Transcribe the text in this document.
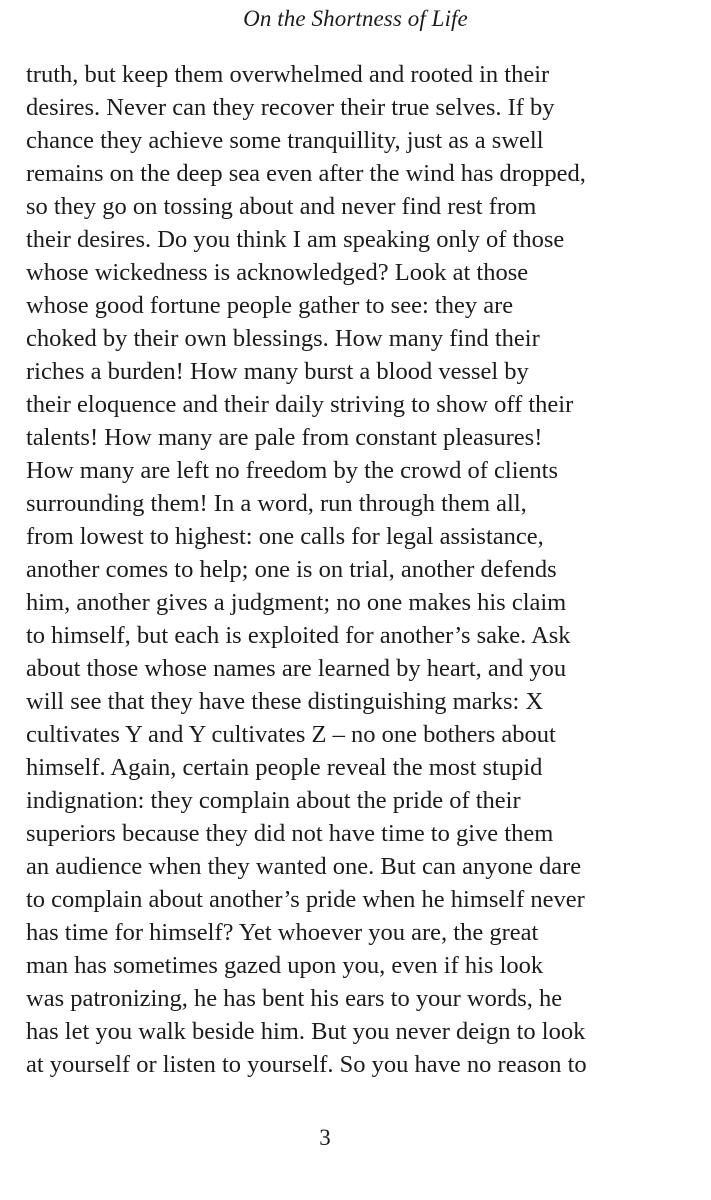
On the Shortness of Life
truth, but keep them overwhelmed and rooted in their
desires. Never can they recover their true selves. If by
chance they achieve some tranquillity, just as a swell
remains on the deep sea even after the wind has dropped,
so they go on tossing about and never find rest from
their desires. Do you think I am speaking only of those
whose wickedness is acknowledged? Look at those
whose good fortune people gather to see: they are
choked by their own blessings. How many find their
riches a burden! How many burst a blood vessel by
their eloquence and their daily striving to show off their
talents! How many are pale from constant pleasures!
How many are left no freedom by the crowd of clients
surrounding them! In a word, run through them all,
from lowest to highest: one calls for legal assistance,
another comes to help; one is on trial, another defends
him, another gives a judgment; no one makes his claim
to himself, but each is exploited for another’s sake. Ask
about those whose names are learned by heart, and you
will see that they have these distinguishing marks: X
cultivates Y and Y cultivates Z – no one bothers about
himself. Again, certain people reveal the most stupid
indignation: they complain about the pride of their
superiors because they did not have time to give them
an audience when they wanted one. But can anyone dare
to complain about another’s pride when he himself never
has time for himself? Yet whoever you are, the great
man has sometimes gazed upon you, even if his look
was patronizing, he has bent his ears to your words, he
has let you walk beside him. But you never deign to look
at yourself or listen to yourself. So you have no reason to
3
